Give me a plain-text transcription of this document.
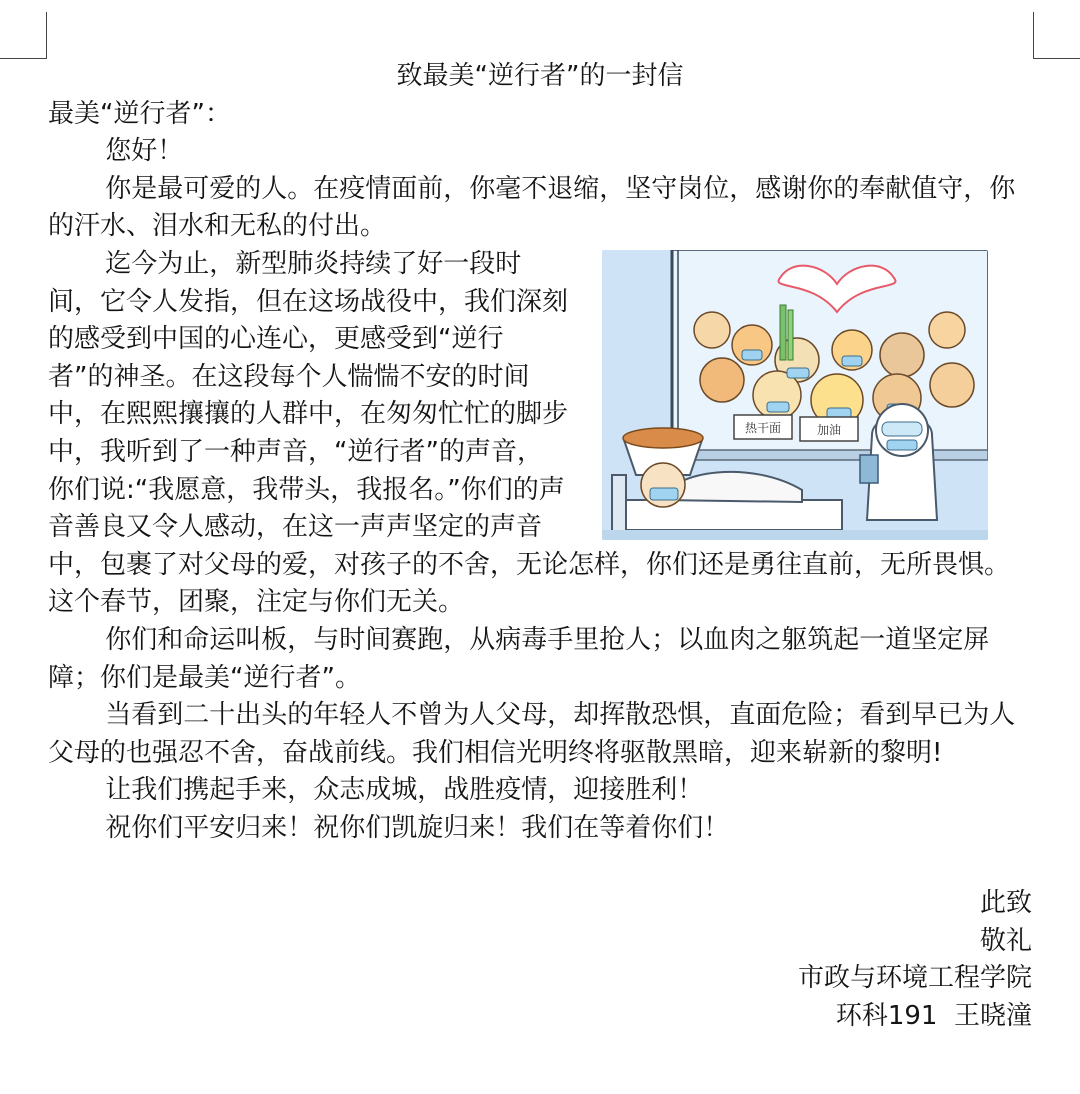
致最美“逆行者”的一封信

最美“逆行者”：

您好！

你是最可爱的人。在疫情面前，你毫不退缩，坚守岗位，感谢你的奉献值守，你的汗水、泪水和无私的付出。

热干面	加油

迄今为止，新型肺炎持续了好一段时间，它令人发指，但在这场战役中，我们深刻的感受到中国的心连心，更感受到“逆行者”的神圣。在这段每个人惴惴不安的时间中，在熙熙攘攘的人群中，在匆匆忙忙的脚步中，我听到了一种声音，“逆行者”的声音，你们说:“我愿意，我带头，我报名。”你们的声音善良又令人感动，在这一声声坚定的声音中，包裹了对父母的爱，对孩子的不舍，无论怎样，你们还是勇往直前，无所畏惧。这个春节，团聚，注定与你们无关。

你们和命运叫板，与时间赛跑，从病毒手里抢人；以血肉之躯筑起一道坚定屏障；你们是最美“逆行者”。

当看到二十出头的年轻人不曾为人父母，却挥散恐惧，直面危险；看到早已为人父母的也强忍不舍，奋战前线。我们相信光明终将驱散黑暗，迎来崭新的黎明!

让我们携起手来，众志成城，战胜疫情，迎接胜利！

祝你们平安归来！祝你们凯旋归来！我们在等着你们！

此致

敬礼

市政与环境工程学院

环科191  王晓潼
